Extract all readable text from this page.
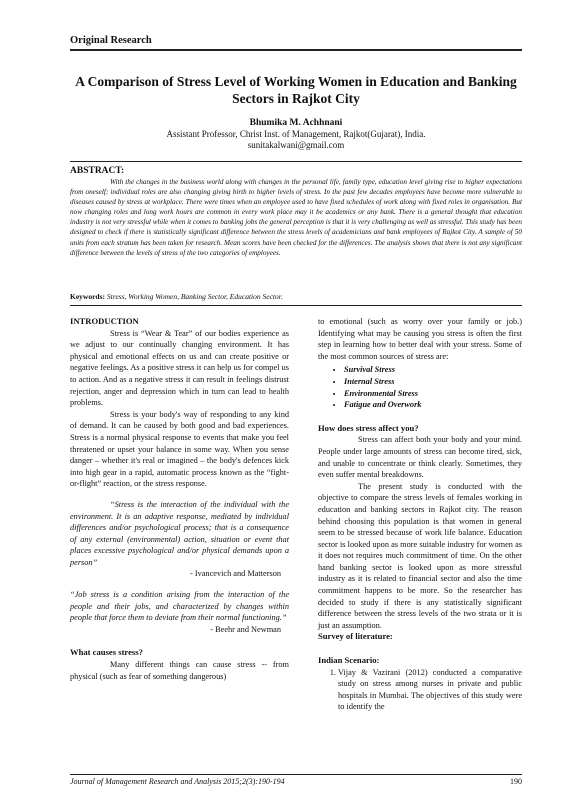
Original Research
A Comparison of Stress Level of Working Women in Education and Banking Sectors in Rajkot City
Bhumika M. Achhnani
Assistant Professor, Christ Inst. of Management, Rajkot(Gujarat), India.
sunitakalwani@gmail.com
ABSTRACT:
With the changes in the business world along with changes in the personal life, family type, education level giving rise to higher expectations from oneself; individual roles are also changing giving birth to higher levels of stress. In the past few decades employees have become more vulnerable to diseases caused by stress at workplace. There were times when an employee used to have fixed schedules of work along with fixed roles in organisation. But now changing roles and long work hours are common in every work place may it be academics or any bank. There is a general thought that education industry is not very stressful while when it comes to banking jobs the general perception is that it is very challenging as well as stressful. This study has been designed to check if there is statistically significant difference between the stress levels of academicians and bank employees of Rajkot City. A sample of 50 units from each stratum has been taken for research. Mean scores have been checked for the differences. The analysis shows that there is not any significant difference between the levels of stress of the two categories of employees.
Keywords: Stress, Working Women, Banking Sector, Education Sector.

INTRODUCTION

Stress is “Wear & Tear” of our bodies experience as we adjust to our continually changing environment. It has physical and emotional effects on us and can create positive or negative feelings. As a positive stress it can help us for compel us to action. And as a negative stress it can result in feelings distrust rejection, anger and depression which in turn can lead to health problems.

Stress is your body's way of responding to any kind of demand. It can be caused by both good and bad experiences. Stress is a normal physical response to events that make you feel threatened or upset your balance in some way. When you sense danger – whether it's real or imagined – the body's defences kick into high gear in a rapid, automatic process known as the “fight-or-flight” reaction, or the stress response.

“Stress is the interaction of the individual with the environment. It is an adaptive response, mediated by individual differences and/or psychological process; that is a consequence of any external (environmental) action, situation or event that places excessive psychological and/or physical demands upon a person”

- Ivancevich and Matterson

“Job stress is a condition arising from the interaction of the people and their jobs, and characterized by changes within people that force them to deviate from their normal functioning.”

- Beehr and Newman

What causes stress?

Many different things can cause stress -- from physical (such as fear of something dangerous)

to emotional (such as worry over your family or job.) Identifying what may be causing you stress is often the first step in learning how to better deal with your stress. Some of the most common sources of stress are:

• Survival Stress
• Internal Stress
• Environmental Stress
• Fatigue and Overwork

How does stress affect you?

Stress can affect both your body and your mind. People under large amounts of stress can become tired, sick, and unable to concentrate or think clearly. Sometimes, they even suffer mental breakdowns.

The present study is conducted with the objective to compare the stress levels of females working in education and banking sectors in Rajkot city. The reason behind choosing this population is that women in general seem to be stressed because of work life balance. Education sector is looked upon as more suitable industry for women as it does not requires much commitment of time. On the other hand banking sector is looked upon as more stressful industry as it is related to financial sector and also the time commitment happens to be more. So the researcher has decided to study if there is any statistically significant difference between the stress levels of the two strata or it is just an assumption.

Survey of literature:

Indian Scenario:

1. Vijay & Vazirani (2012) conducted a comparative study on stress among nurses in private and public hospitals in Mumbai. The objectives of this study were to identify the
Journal of Management Research and Analysis 2015;2(3):190-194	190
